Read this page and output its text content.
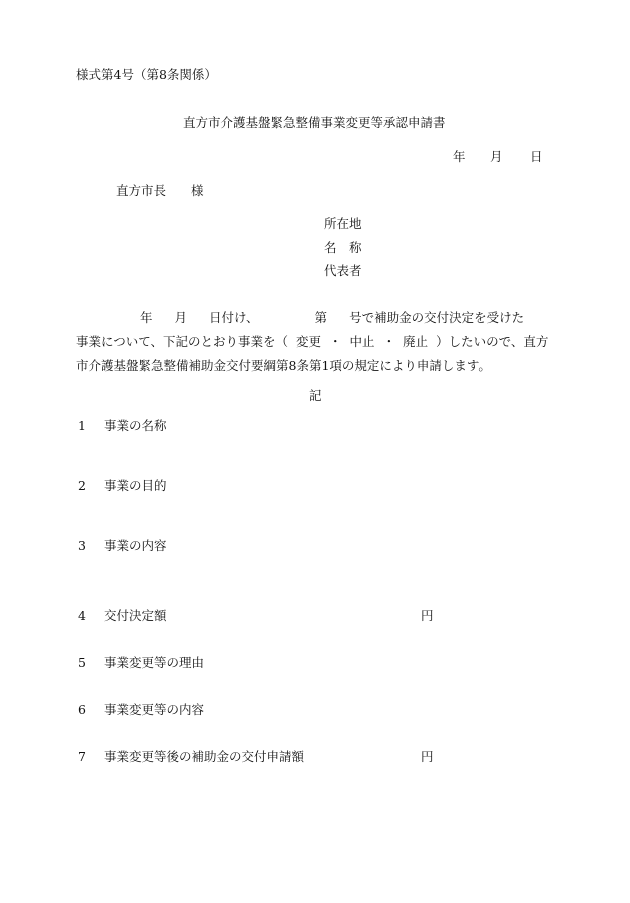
様式第4号（第8条関係）
直方市介護基盤緊急整備事業変更等承認申請書
年 月 日
直方市長 様
所在地
名 称
代表者
年 月 日付け、	第 号で補助金の交付決定を受けた
事業について、下記のとおり事業を（ 変更 ・ 中止 ・ 廃止 ）したいので、直方
市介護基盤緊急整備補助金交付要綱第8条第1項の規定により申請します。
記
1 事業の名称
2 事業の目的
3 事業の内容
4 交付決定額	円
5 事業変更等の理由
6 事業変更等の内容
7 事業変更等後の補助金の交付申請額	円
